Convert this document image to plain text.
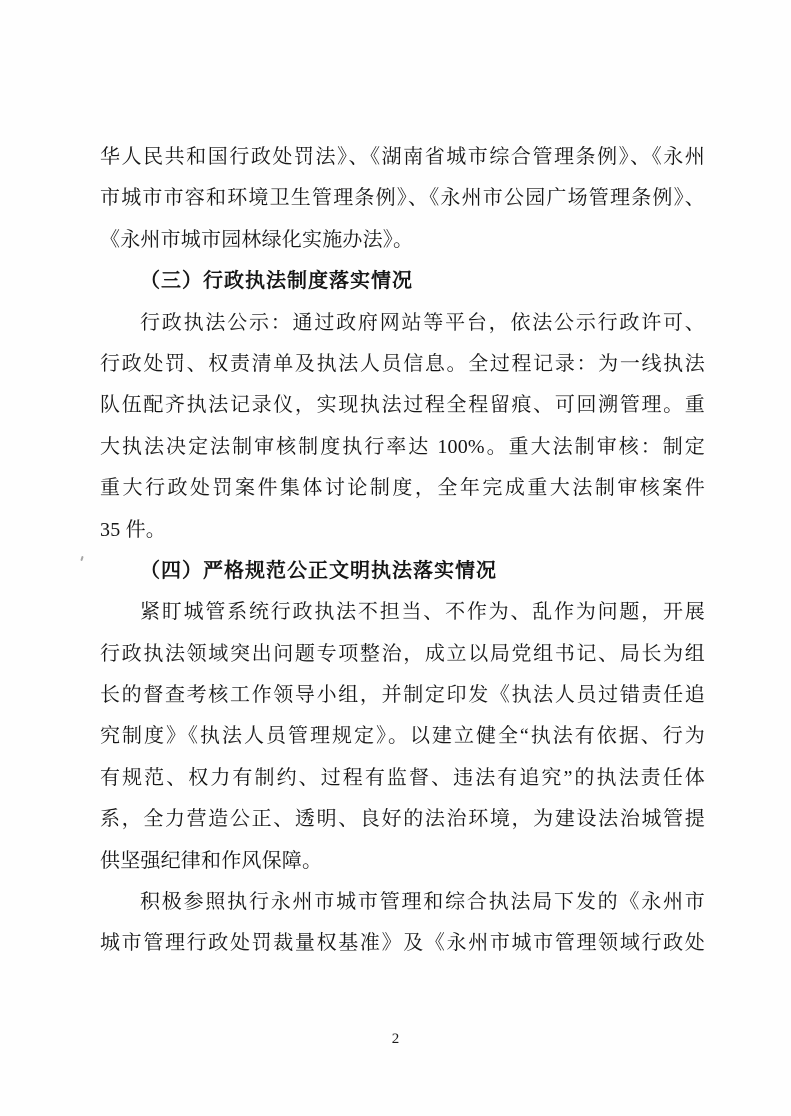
华人民共和国行政处罚法》、《湖南省城市综合管理条例》、《永州
市城市市容和环境卫生管理条例》、《永州市公园广场管理条例》、
《永州市城市园林绿化实施办法》。
（三）行政执法制度落实情况
行政执法公示：通过政府网站等平台，依法公示行政许可、
行政处罚、权责清单及执法人员信息。全过程记录：为一线执法
队伍配齐执法记录仪，实现执法过程全程留痕、可回溯管理。重
大执法决定法制审核制度执行率达 100%。重大法制审核：制定
重大行政处罚案件集体讨论制度，全年完成重大法制审核案件
35 件。
（四）严格规范公正文明执法落实情况
紧盯城管系统行政执法不担当、不作为、乱作为问题，开展
行政执法领域突出问题专项整治，成立以局党组书记、局长为组
长的督查考核工作领导小组，并制定印发《执法人员过错责任追
究制度》《执法人员管理规定》。以建立健全“执法有依据、行为
有规范、权力有制约、过程有监督、违法有追究”的执法责任体
系，全力营造公正、透明、良好的法治环境，为建设法治城管提
供坚强纪律和作风保障。
积极参照执行永州市城市管理和综合执法局下发的《永州市
城市管理行政处罚裁量权基准》及《永州市城市管理领域行政处
2
